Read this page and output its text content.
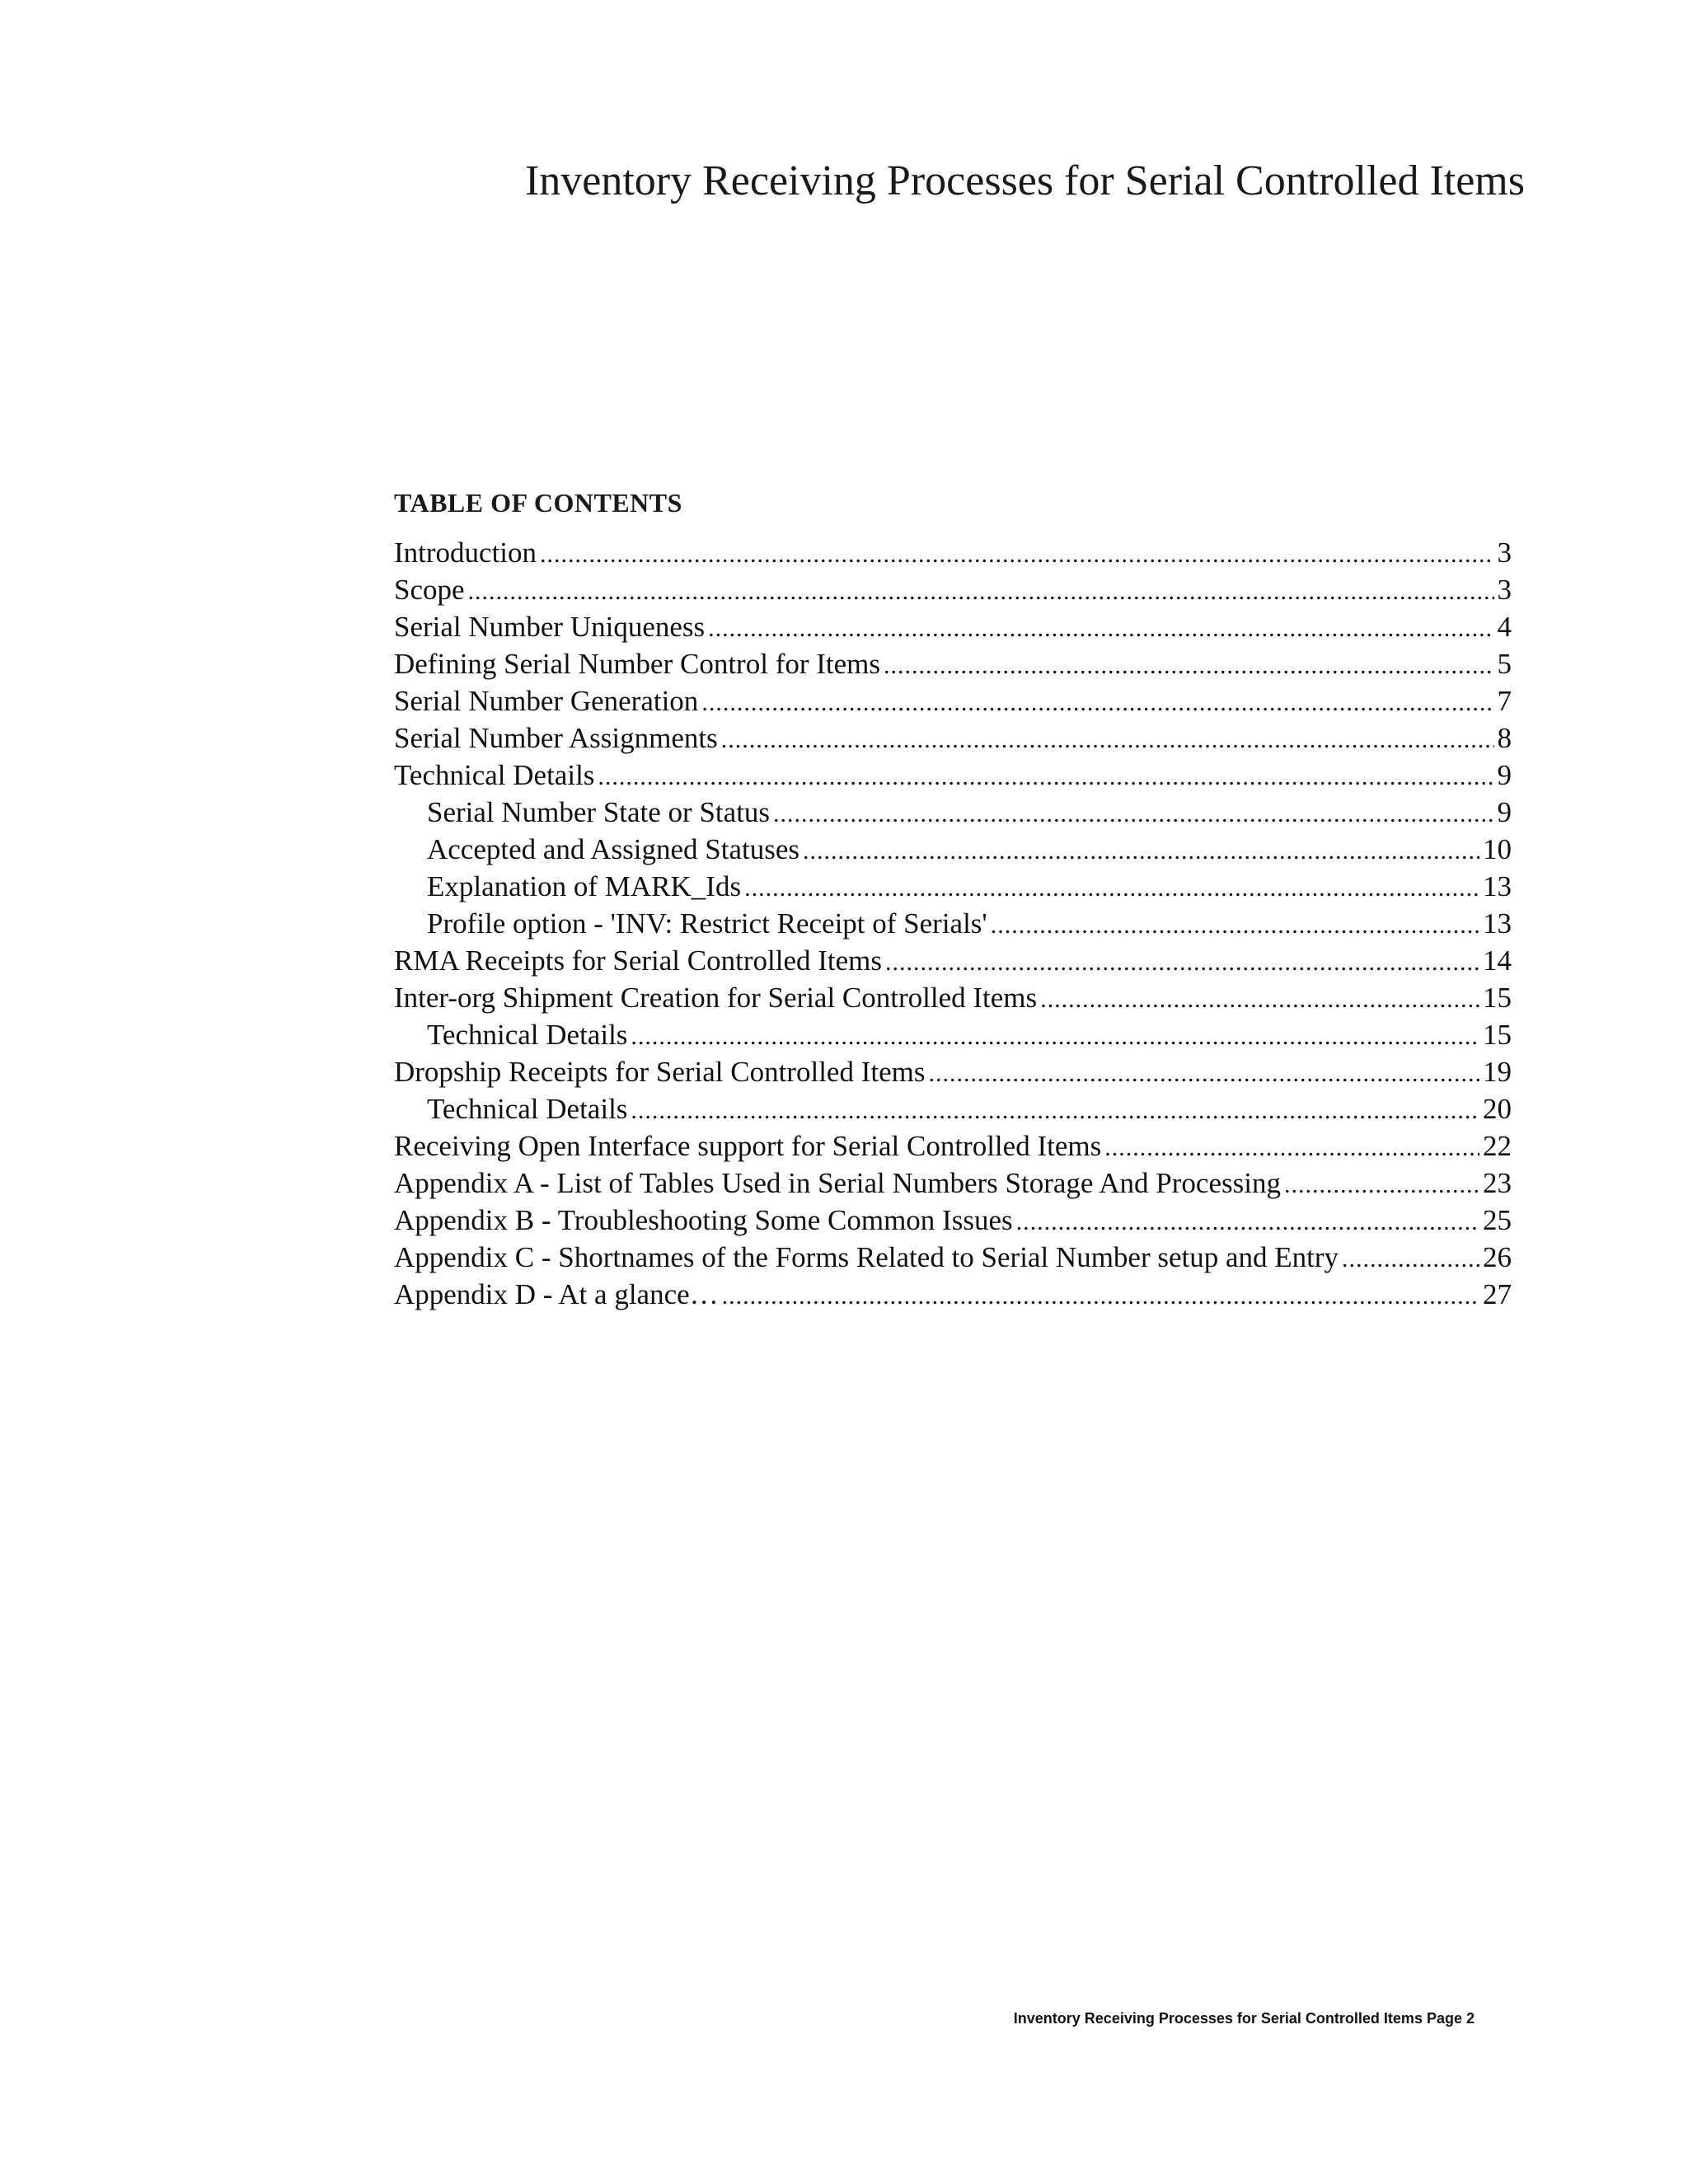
Inventory Receiving Processes for Serial Controlled Items
TABLE OF CONTENTS
Introduction .....	3
Scope .....	3
Serial Number Uniqueness .....	4
Defining Serial Number Control for Items .....	5
Serial Number Generation .....	7
Serial Number Assignments .....	8
Technical Details .....	9
Serial Number State or Status .....	9
Accepted and Assigned Statuses .....	10
Explanation of MARK_Ids .....	13
Profile option - 'INV: Restrict Receipt of Serials' .....	13
RMA Receipts for Serial Controlled Items .....	14
Inter-org Shipment Creation for Serial Controlled Items .....	15
Technical Details .....	15
Dropship Receipts for Serial Controlled Items .....	19
Technical Details .....	20
Receiving Open Interface support for Serial Controlled Items .....	22
Appendix A - List of Tables Used in Serial Numbers Storage And Processing .....	23
Appendix B - Troubleshooting Some Common Issues .....	25
Appendix C - Shortnames of the Forms Related to Serial Number setup and Entry .....	26
Appendix D - At a glance… .....	27
Inventory Receiving Processes for Serial Controlled Items Page 2
